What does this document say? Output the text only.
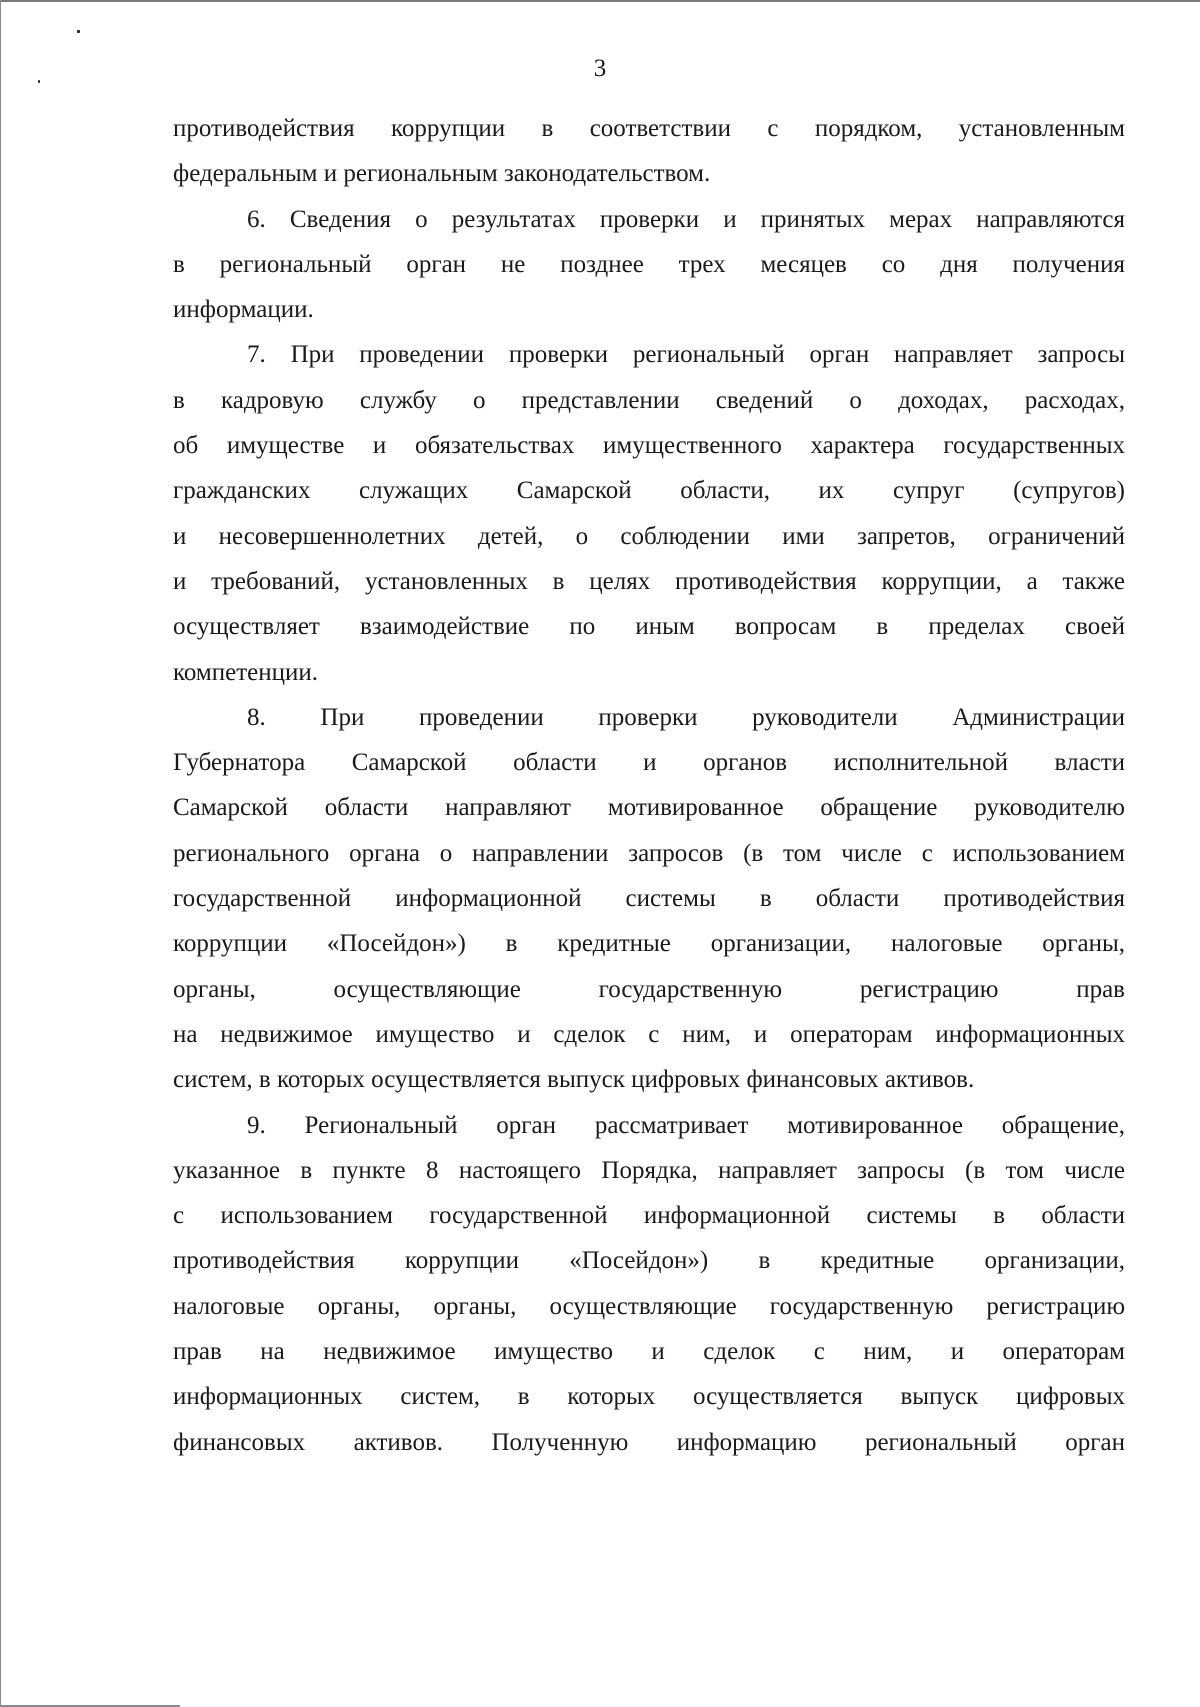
3

противодействия коррупции в соответствии с порядком, установленным
федеральным и региональным законодательством.

6. Сведения о результатах проверки и принятых мерах направляются
в региональный орган не позднее трех месяцев со дня получения
информации.

7. При проведении проверки региональный орган направляет запросы
в кадровую службу о представлении сведений о доходах, расходах,
об имуществе и обязательствах имущественного характера государственных
гражданских служащих Самарской области, их супруг (супругов)
и несовершеннолетних детей, о соблюдении ими запретов, ограничений
и требований, установленных в целях противодействия коррупции, а также
осуществляет взаимодействие по иным вопросам в пределах своей
компетенции.

8. При проведении проверки руководители Администрации
Губернатора Самарской области и органов исполнительной власти
Самарской области направляют мотивированное обращение руководителю
регионального органа о направлении запросов (в том числе с использованием
государственной информационной системы в области противодействия
коррупции «Посейдон») в кредитные организации, налоговые органы,
органы, осуществляющие государственную регистрацию прав
на недвижимое имущество и сделок с ним, и операторам информационных
систем, в которых осуществляется выпуск цифровых финансовых активов.

9. Региональный орган рассматривает мотивированное обращение,
указанное в пункте 8 настоящего Порядка, направляет запросы (в том числе
с использованием государственной информационной системы в области
противодействия коррупции «Посейдон») в кредитные организации,
налоговые органы, органы, осуществляющие государственную регистрацию
прав на недвижимое имущество и сделок с ним, и операторам
информационных систем, в которых осуществляется выпуск цифровых
финансовых активов. Полученную информацию региональный орган
